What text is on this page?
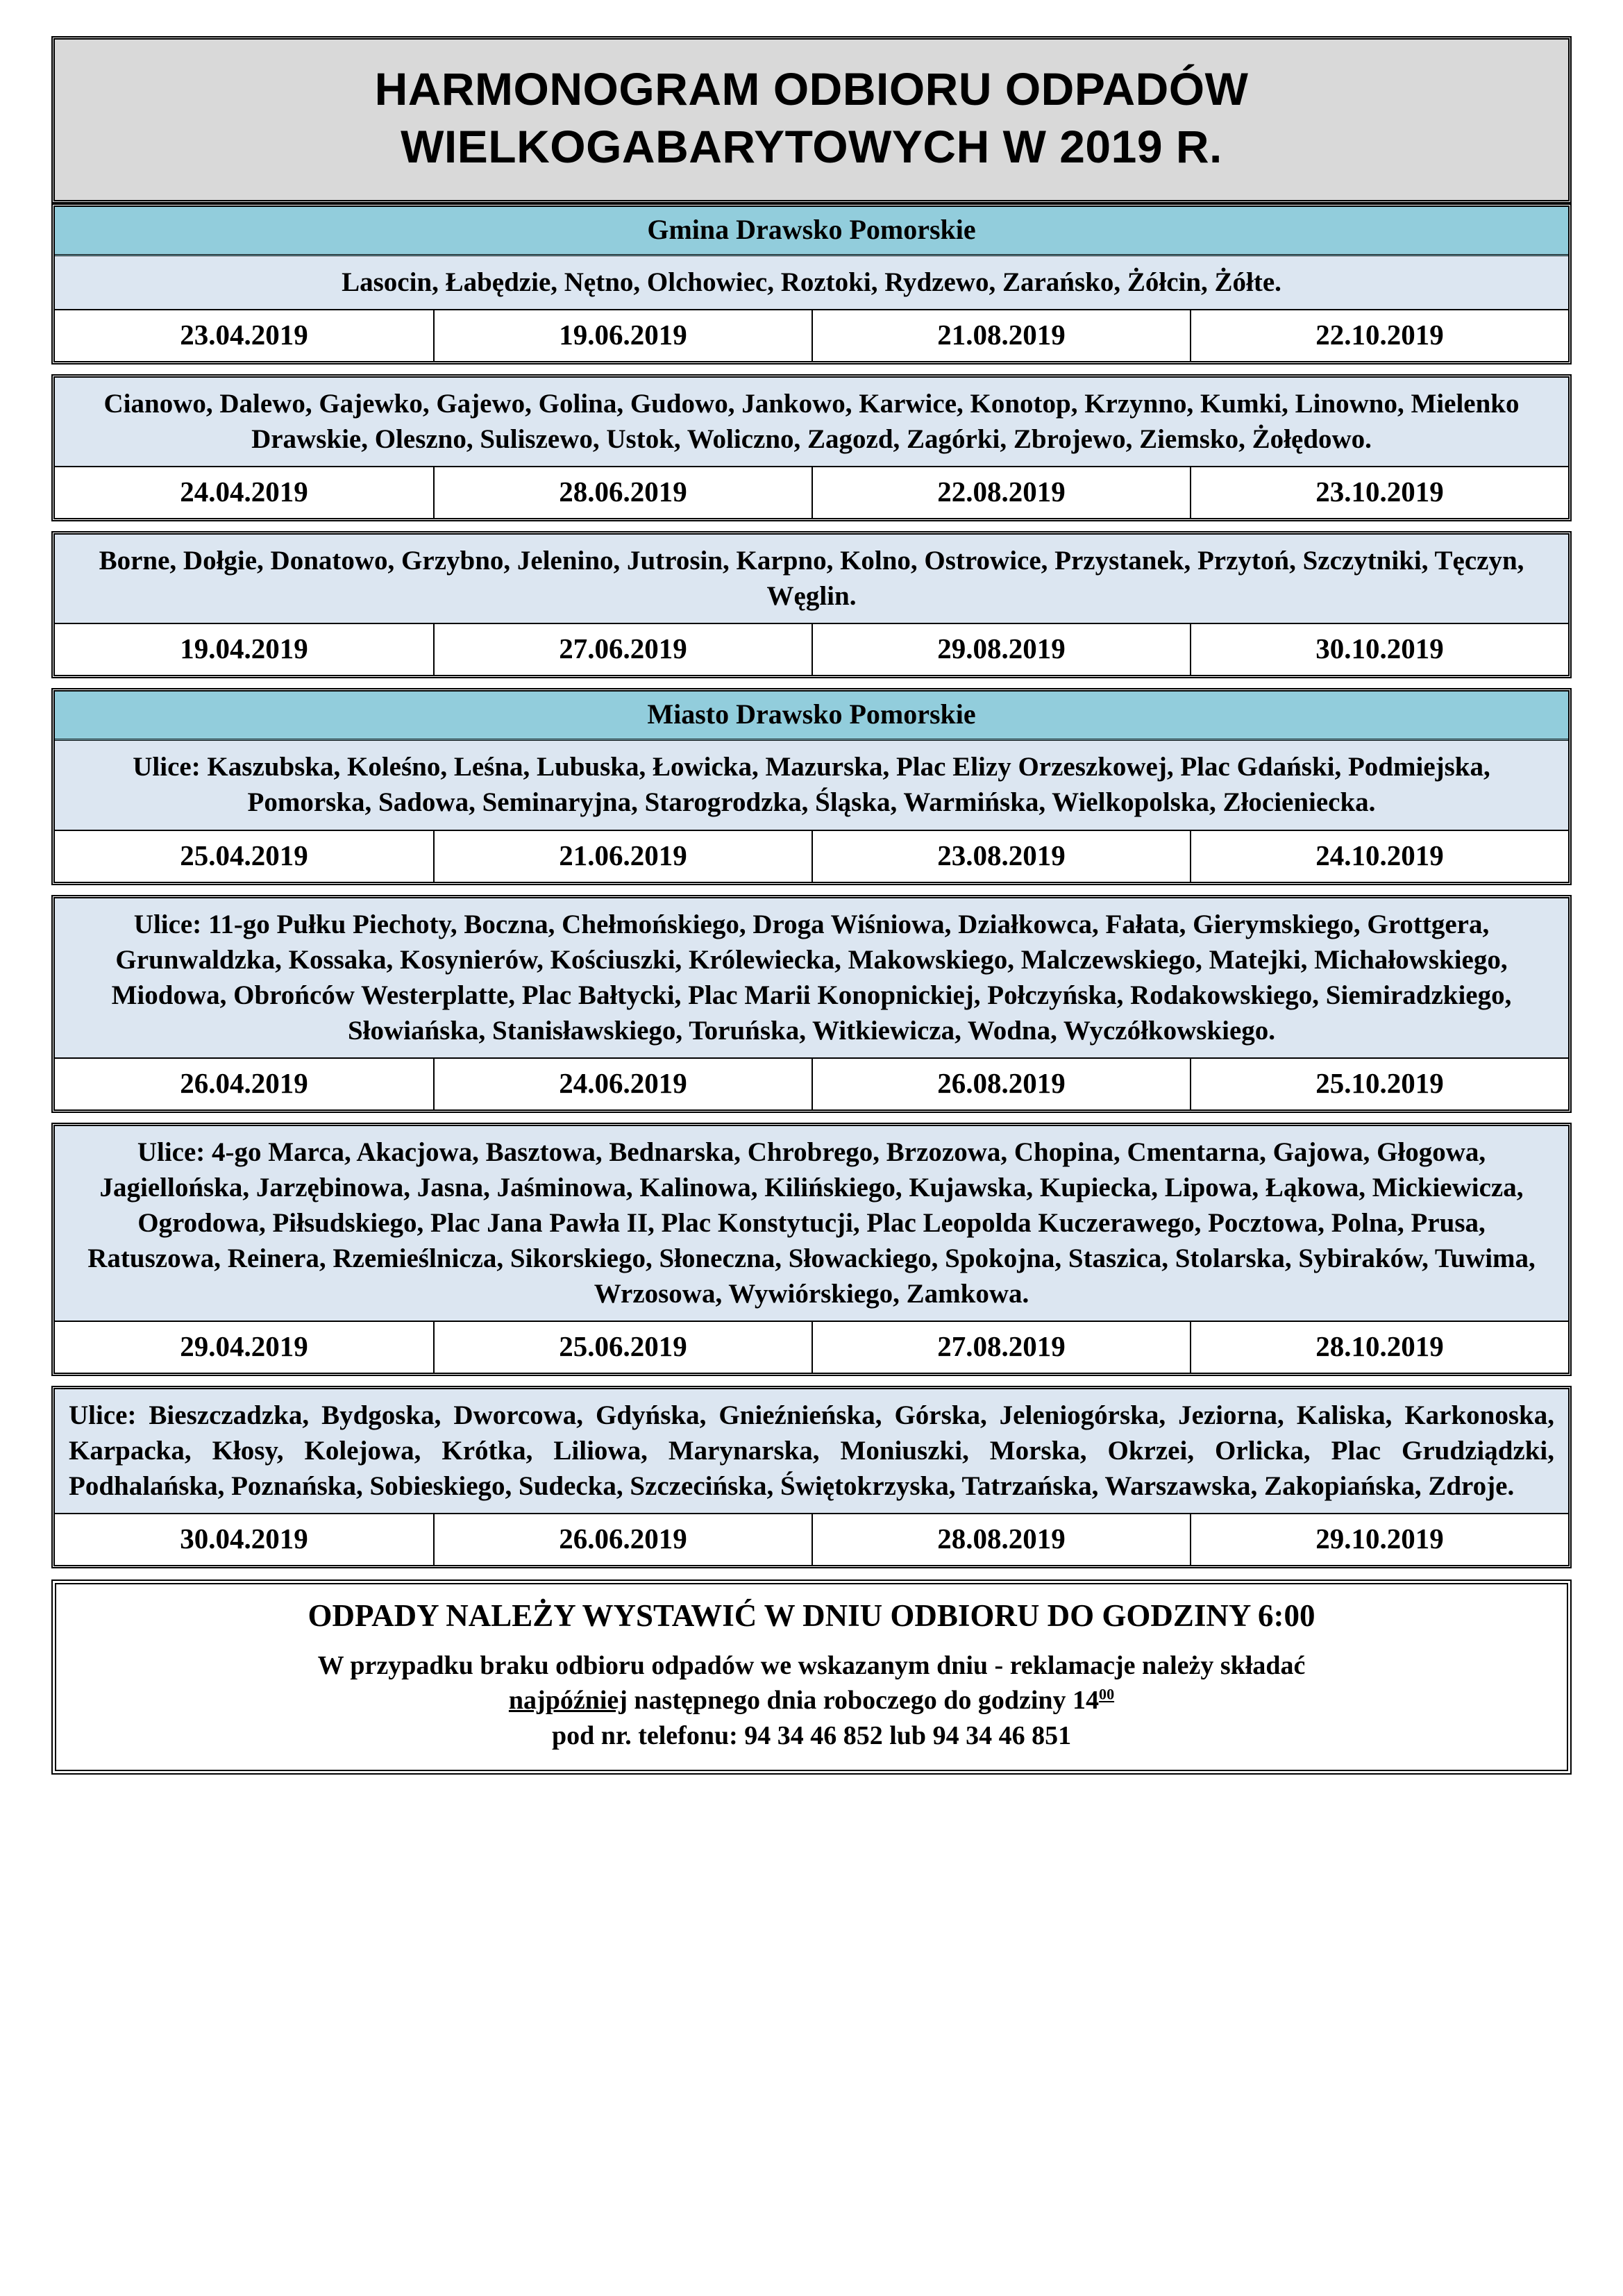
HARMONOGRAM ODBIORU ODPADÓW
WIELKOGABARYTOWYCH W 2019 R.
Gmina Drawsko Pomorskie
Lasocin, Łabędzie, Nętno, Olchowiec, Roztoki, Rydzewo, Zarańsko, Żółcin, Żółte.
23.04.2019	19.06.2019	21.08.2019	22.10.2019
Cianowo, Dalewo, Gajewko, Gajewo, Golina, Gudowo, Jankowo, Karwice, Konotop, Krzynno, Kumki, Linowno, Mielenko Drawskie, Oleszno, Suliszewo, Ustok, Woliczno, Zagozd, Zagórki, Zbrojewo, Ziemsko, Żołędowo.
24.04.2019	28.06.2019	22.08.2019	23.10.2019
Borne, Dołgie, Donatowo, Grzybno, Jelenino, Jutrosin, Karpno, Kolno, Ostrowice, Przystanek, Przytoń, Szczytniki, Tęczyn, Węglin.
19.04.2019	27.06.2019	29.08.2019	30.10.2019
Miasto Drawsko Pomorskie
Ulice: Kaszubska, Koleśno, Leśna, Lubuska, Łowicka, Mazurska, Plac Elizy Orzeszkowej, Plac Gdański, Podmiejska, Pomorska, Sadowa, Seminaryjna, Starogrodzka, Śląska, Warmińska, Wielkopolska, Złocieniecka.
25.04.2019	21.06.2019	23.08.2019	24.10.2019
Ulice: 11-go Pułku Piechoty, Boczna, Chełmońskiego, Droga Wiśniowa, Działkowca, Fałata, Gierymskiego, Grottgera, Grunwaldzka, Kossaka, Kosynierów, Kościuszki, Królewiecka, Makowskiego, Malczewskiego, Matejki, Michałowskiego, Miodowa, Obrońców Westerplatte, Plac Bałtycki, Plac Marii Konopnickiej, Połczyńska, Rodakowskiego, Siemiradzkiego, Słowiańska, Stanisławskiego, Toruńska, Witkiewicza, Wodna, Wyczółkowskiego.
26.04.2019	24.06.2019	26.08.2019	25.10.2019
Ulice: 4-go Marca, Akacjowa, Basztowa, Bednarska, Chrobrego, Brzozowa, Chopina, Cmentarna, Gajowa, Głogowa, Jagiellońska, Jarzębinowa, Jasna, Jaśminowa, Kalinowa, Kilińskiego, Kujawska, Kupiecka, Lipowa, Łąkowa, Mickiewicza, Ogrodowa, Piłsudskiego, Plac Jana Pawła II, Plac Konstytucji, Plac Leopolda Kuczerawego, Pocztowa, Polna, Prusa, Ratuszowa, Reinera, Rzemieślnicza, Sikorskiego, Słoneczna, Słowackiego, Spokojna, Staszica, Stolarska, Sybiraków, Tuwima, Wrzosowa, Wywiórskiego, Zamkowa.
29.04.2019	25.06.2019	27.08.2019	28.10.2019
Ulice: Bieszczadzka, Bydgoska, Dworcowa, Gdyńska, Gnieźnieńska, Górska, Jeleniogórska, Jeziorna, Kaliska, Karkonoska, Karpacka, Kłosy, Kolejowa, Krótka, Liliowa, Marynarska, Moniuszki, Morska, Okrzei, Orlicka, Plac Grudziądzki, Podhalańska, Poznańska, Sobieskiego, Sudecka, Szczecińska, Świętokrzyska, Tatrzańska, Warszawska, Zakopiańska, Zdroje.
30.04.2019	26.06.2019	28.08.2019	29.10.2019
ODPADY NALEŻY WYSTAWIĆ W DNIU ODBIORU DO GODZINY 6:00
W przypadku braku odbioru odpadów we wskazanym dniu - reklamacje należy składać
najpóźniej następnego dnia roboczego do godziny $14^{00}$
pod nr. telefonu: 94 34 46 852 lub 94 34 46 851
